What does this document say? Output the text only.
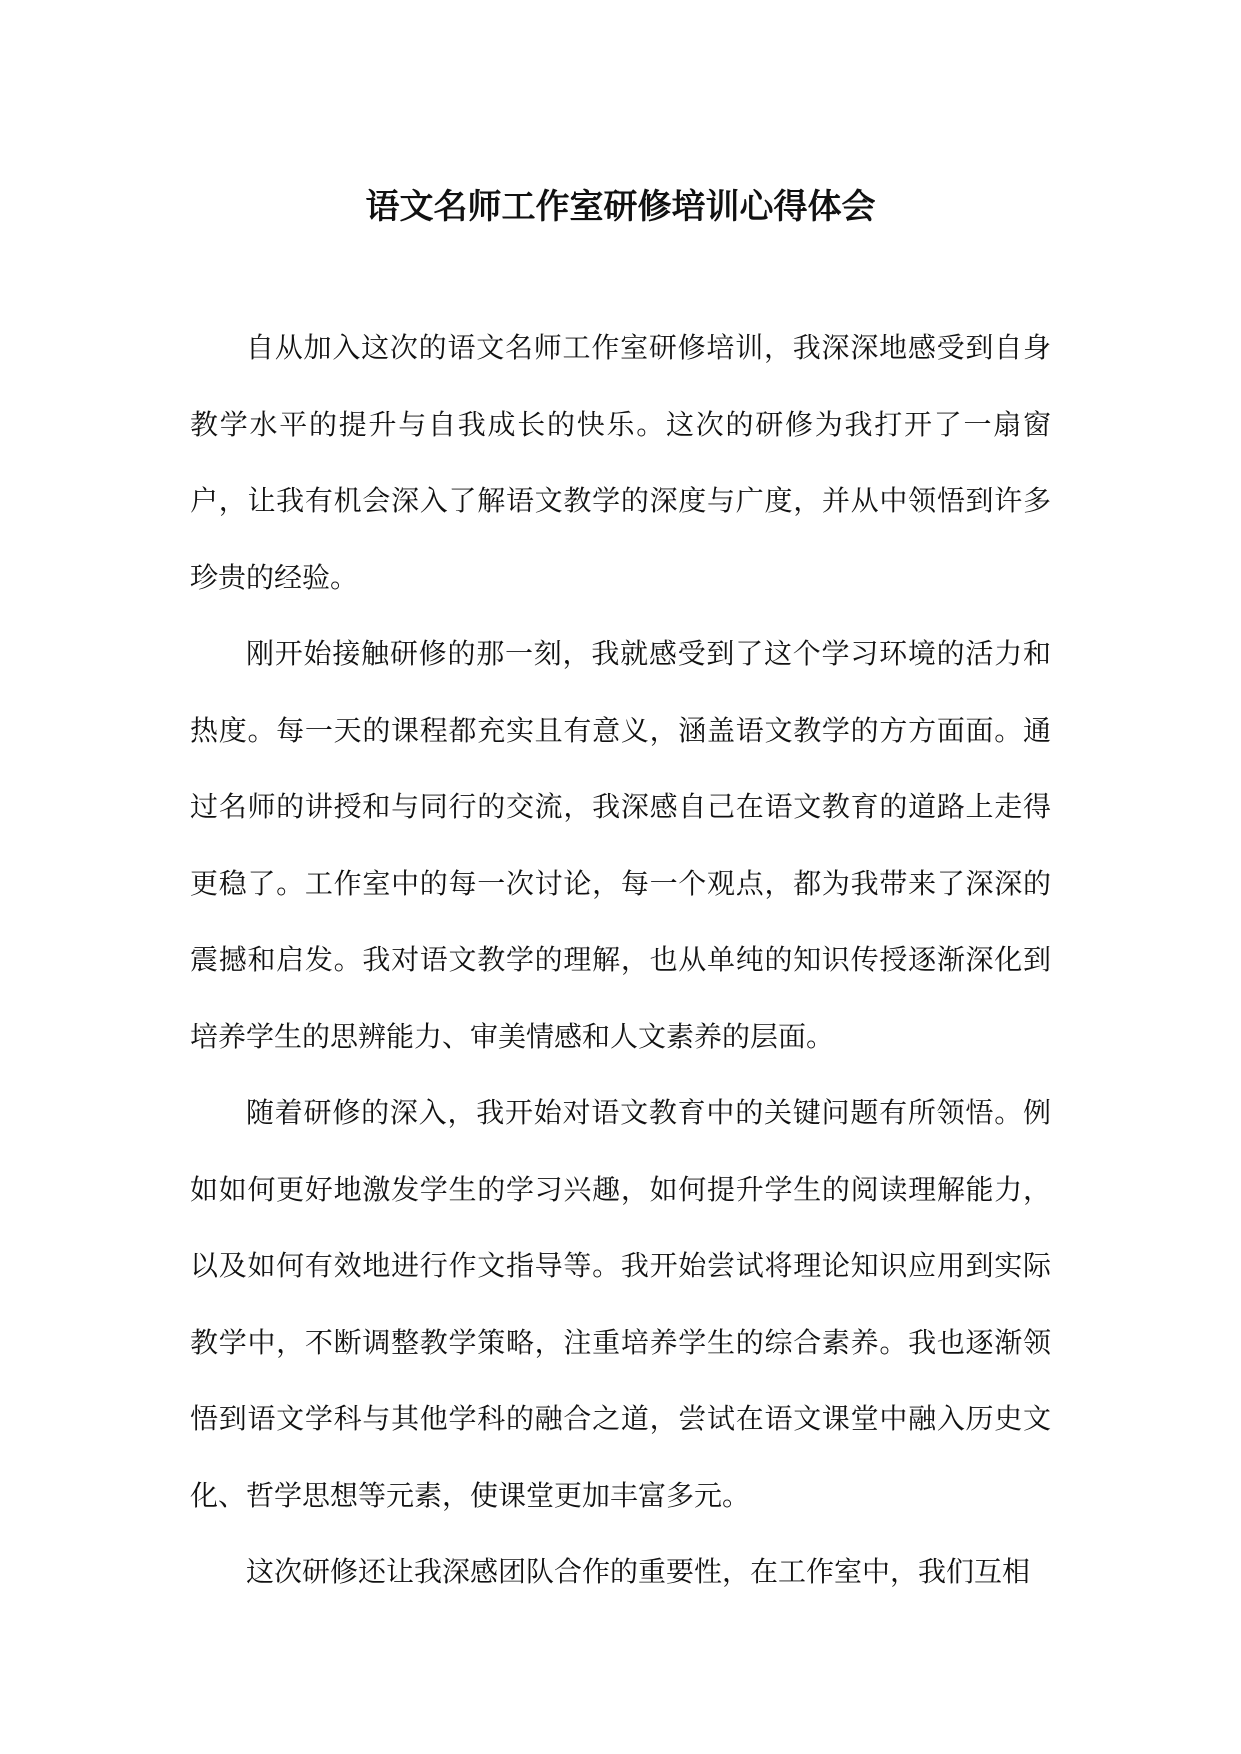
语文名师工作室研修培训心得体会

自从加入这次的语文名师工作室研修培训，我深深地感受到自身教学水平的提升与自我成长的快乐。这次的研修为我打开了一扇窗户，让我有机会深入了解语文教学的深度与广度，并从中领悟到许多珍贵的经验。

刚开始接触研修的那一刻，我就感受到了这个学习环境的活力和热度。每一天的课程都充实且有意义，涵盖语文教学的方方面面。通过名师的讲授和与同行的交流，我深感自己在语文教育的道路上走得更稳了。工作室中的每一次讨论，每一个观点，都为我带来了深深的震撼和启发。我对语文教学的理解，也从单纯的知识传授逐渐深化到培养学生的思辨能力、审美情感和人文素养的层面。

随着研修的深入，我开始对语文教育中的关键问题有所领悟。例如如何更好地激发学生的学习兴趣，如何提升学生的阅读理解能力，以及如何有效地进行作文指导等。我开始尝试将理论知识应用到实际教学中，不断调整教学策略，注重培养学生的综合素养。我也逐渐领悟到语文学科与其他学科的融合之道，尝试在语文课堂中融入历史文化、哲学思想等元素，使课堂更加丰富多元。

这次研修还让我深感团队合作的重要性，在工作室中，我们互相
